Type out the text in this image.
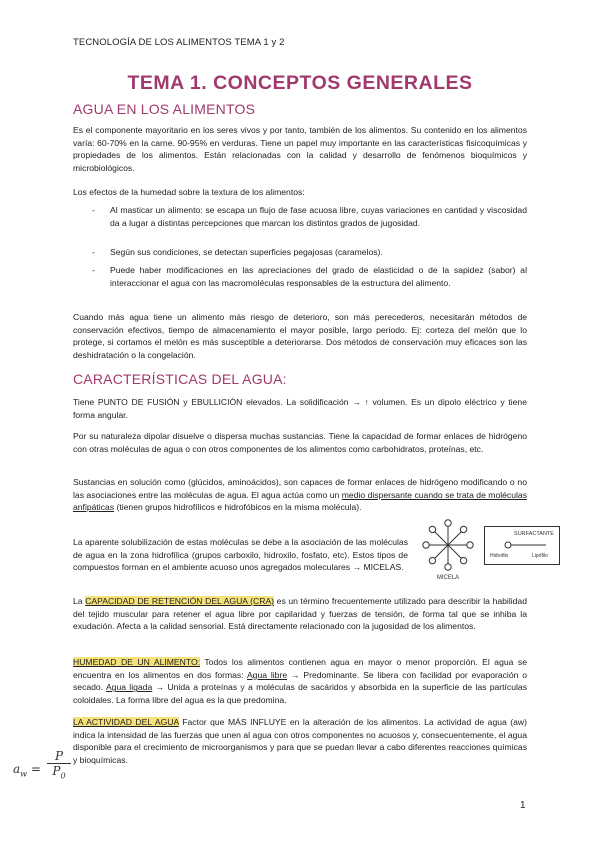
TECNOLOGÍA DE LOS ALIMENTOS TEMA 1 y 2
TEMA 1. CONCEPTOS GENERALES
AGUA EN LOS ALIMENTOS
Es el componente mayoritario en los seres vivos y por tanto, también de los alimentos. Su contenido en los alimentos varía: 60-70% en la carne. 90-95% en verduras. Tiene un papel muy importante en las características fisicoquímicas y propiedades de los alimentos. Están relacionadas con la calidad y desarrollo de fenómenos bioquímicos y microbiológicos.
Los efectos de la humedad sobre la textura de los alimentos:
- Al masticar un alimento: se escapa un flujo de fase acuosa libre, cuyas variaciones en cantidad y viscosidad da a lugar a distintas percepciones que marcan los distintos grados de jugosidad.
- Según sus condiciones, se detectan superficies pegajosas (caramelos).
- Puede haber modificaciones en las apreciaciones del grado de elasticidad o de la sapidez (sabor) al interaccionar el agua con las macromoléculas responsables de la estructura del alimento.
Cuando más agua tiene un alimento más riesgo de deterioro, son más perecederos, necesitarán métodos de conservación efectivos, tiempo de almacenamiento el mayor posible, largo periodo. Ej: corteza del melón que lo protege, si cortamos el melón es más susceptible a deteriorarse. Dos métodos de conservación muy eficaces son las deshidratación o la congelación.
CARACTERÍSTICAS DEL AGUA:
Tiene PUNTO DE FUSIÓN y EBULLICIÓN elevados. La solidificación → ↑ volumen. Es un dipolo eléctrico y tiene forma angular.
Por su naturaleza dipolar disuelve o dispersa muchas sustancias. Tiene la capacidad de formar enlaces de hidrógeno con otras moléculas de agua o con otros componentes de los alimentos como carbohidratos, proteínas, etc.
Sustancias en solución como (glúcidos, aminoácidos), son capaces de formar enlaces de hidrógeno modificando o no las asociaciones entre las moléculas de agua. El agua actúa como un medio dispersante cuando se trata de moléculas anfipáticas (tienen grupos hidrofílicos e hidrofóbicos en la misma molécula).
La aparente solubilización de estas moléculas se debe a la asociación de las moléculas de agua en la zona hidrofílica (grupos carboxilo, hidroxilo, fosfato, etc). Estos tipos de compuestos forman en el ambiente acuoso unos agregados moleculares → MICELAS.
MICELA
SURFACTANTE
Hidrofilo	Lipófilo
La CAPACIDAD DE RETENCIÓN DEL AGUA (CRA) es un término frecuentemente utilizado para describir la habilidad del tejido muscular para retener el agua libre por capilaridad y fuerzas de tensión, de forma tal que se inhiba la exudación. Afecta a la calidad sensorial. Está directamente relacionado con la jugosidad de los alimentos.
HUMEDAD DE UN ALIMENTO: Todos los alimentos contienen agua en mayor o menor proporción. El agua se encuentra en los alimentos en dos formas: Agua libre → Predominante. Se libera con facilidad por evaporación o secado. Agua ligada → Unida a proteínas y a moléculas de sacáridos y absorbida en la superficie de las partículas coloidales. La forma libre del agua es la que predomina.
LA ACTIVIDAD DEL AGUA Factor que MÁS INFLUYE en la alteración de los alimentos. La actividad de agua (aw) indica la intensidad de las fuerzas que unen al agua con otros componentes no acuosos y, consecuentemente, el agua disponible para el crecimiento de microorganismos y para que se puedan llevar a cabo diferentes reacciones químicas y bioquímicas.
$a_w = \frac{P}{P_0}$
1
